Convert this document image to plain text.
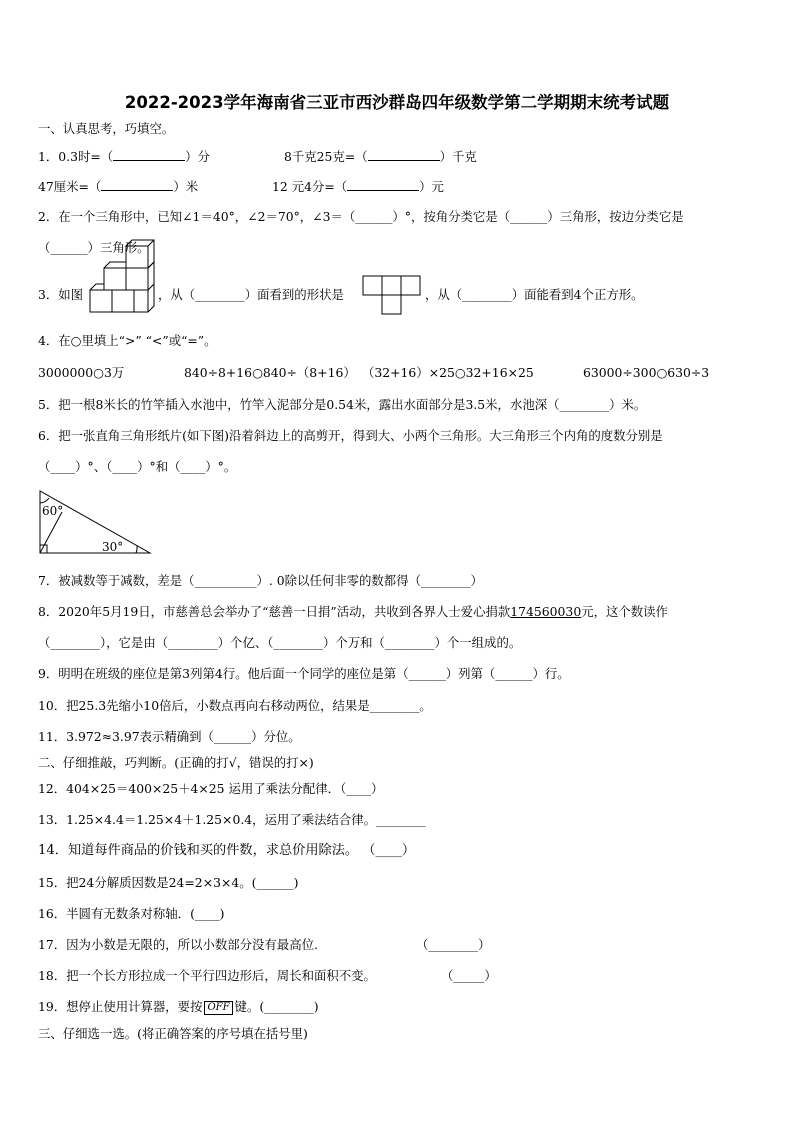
2022-2023学年海南省三亚市西沙群岛四年级数学第二学期期末统考试题
一、认真思考，巧填空。
1．0.3时=（	）分	8千克25克=（	）千克
47厘米=（	）米	12 元4分=（	）元
2．在一个三角形中，已知∠1＝40°，∠2＝70°，∠3＝（______）°，按角分类它是（______）三角形，按边分类它是
（______）三角形。
3．如图	，从（________）面看到的形状是	，从（________）面能看到4个正方形。
4．在○里填上“>” “<”或“=”。
3000000○3万	840÷8+16○840÷（8+16） （32+16）×25○32+16×25	63000÷300○630÷3
5．把一根8米长的竹竿插入水池中，竹竿入泥部分是0.54米，露出水面部分是3.5米，水池深（________）米。
6．把一张直角三角形纸片(如下图)沿着斜边上的高剪开，得到大、小两个三角形。大三角形三个内角的度数分别是
（____）°、（____）°和（____）°。
60°
30°
7．被减数等于减数，差是（__________）. 0除以任何非零的数都得（________）
8．2020年5月19日，市慈善总会举办了“慈善一日捐”活动，共收到各界人士爱心捐款174560030元，这个数读作
（________），它是由（________）个亿、（________）个万和（________）个一组成的。
9．明明在班级的座位是第3列第4行。他后面一个同学的座位是第（______）列第（______）行。
10．把25.3先缩小10倍后，小数点再向右移动两位，结果是________。
11．3.972≈3.97表示精确到（______）分位。
二、仔细推敲，巧判断。(正确的打√，错误的打×)
12．404×25＝400×25＋4×25 运用了乘法分配律．（____）
13．1.25×4.4＝1.25×4＋1.25×0.4，运用了乘法结合律。________
14．知道每件商品的价钱和买的件数，求总价用除法。 （____）
15．把24分解质因数是24=2×3×4。(______)
16．半圆有无数条对称轴．(____)
17．因为小数是无限的，所以小数部分没有最高位.	（________）
18．把一个长方形拉成一个平行四边形后，周长和面积不变。	（_____）
19．想停止使用计算器，要按 OFF 键。(________)
三、仔细选一选。(将正确答案的序号填在括号里)
